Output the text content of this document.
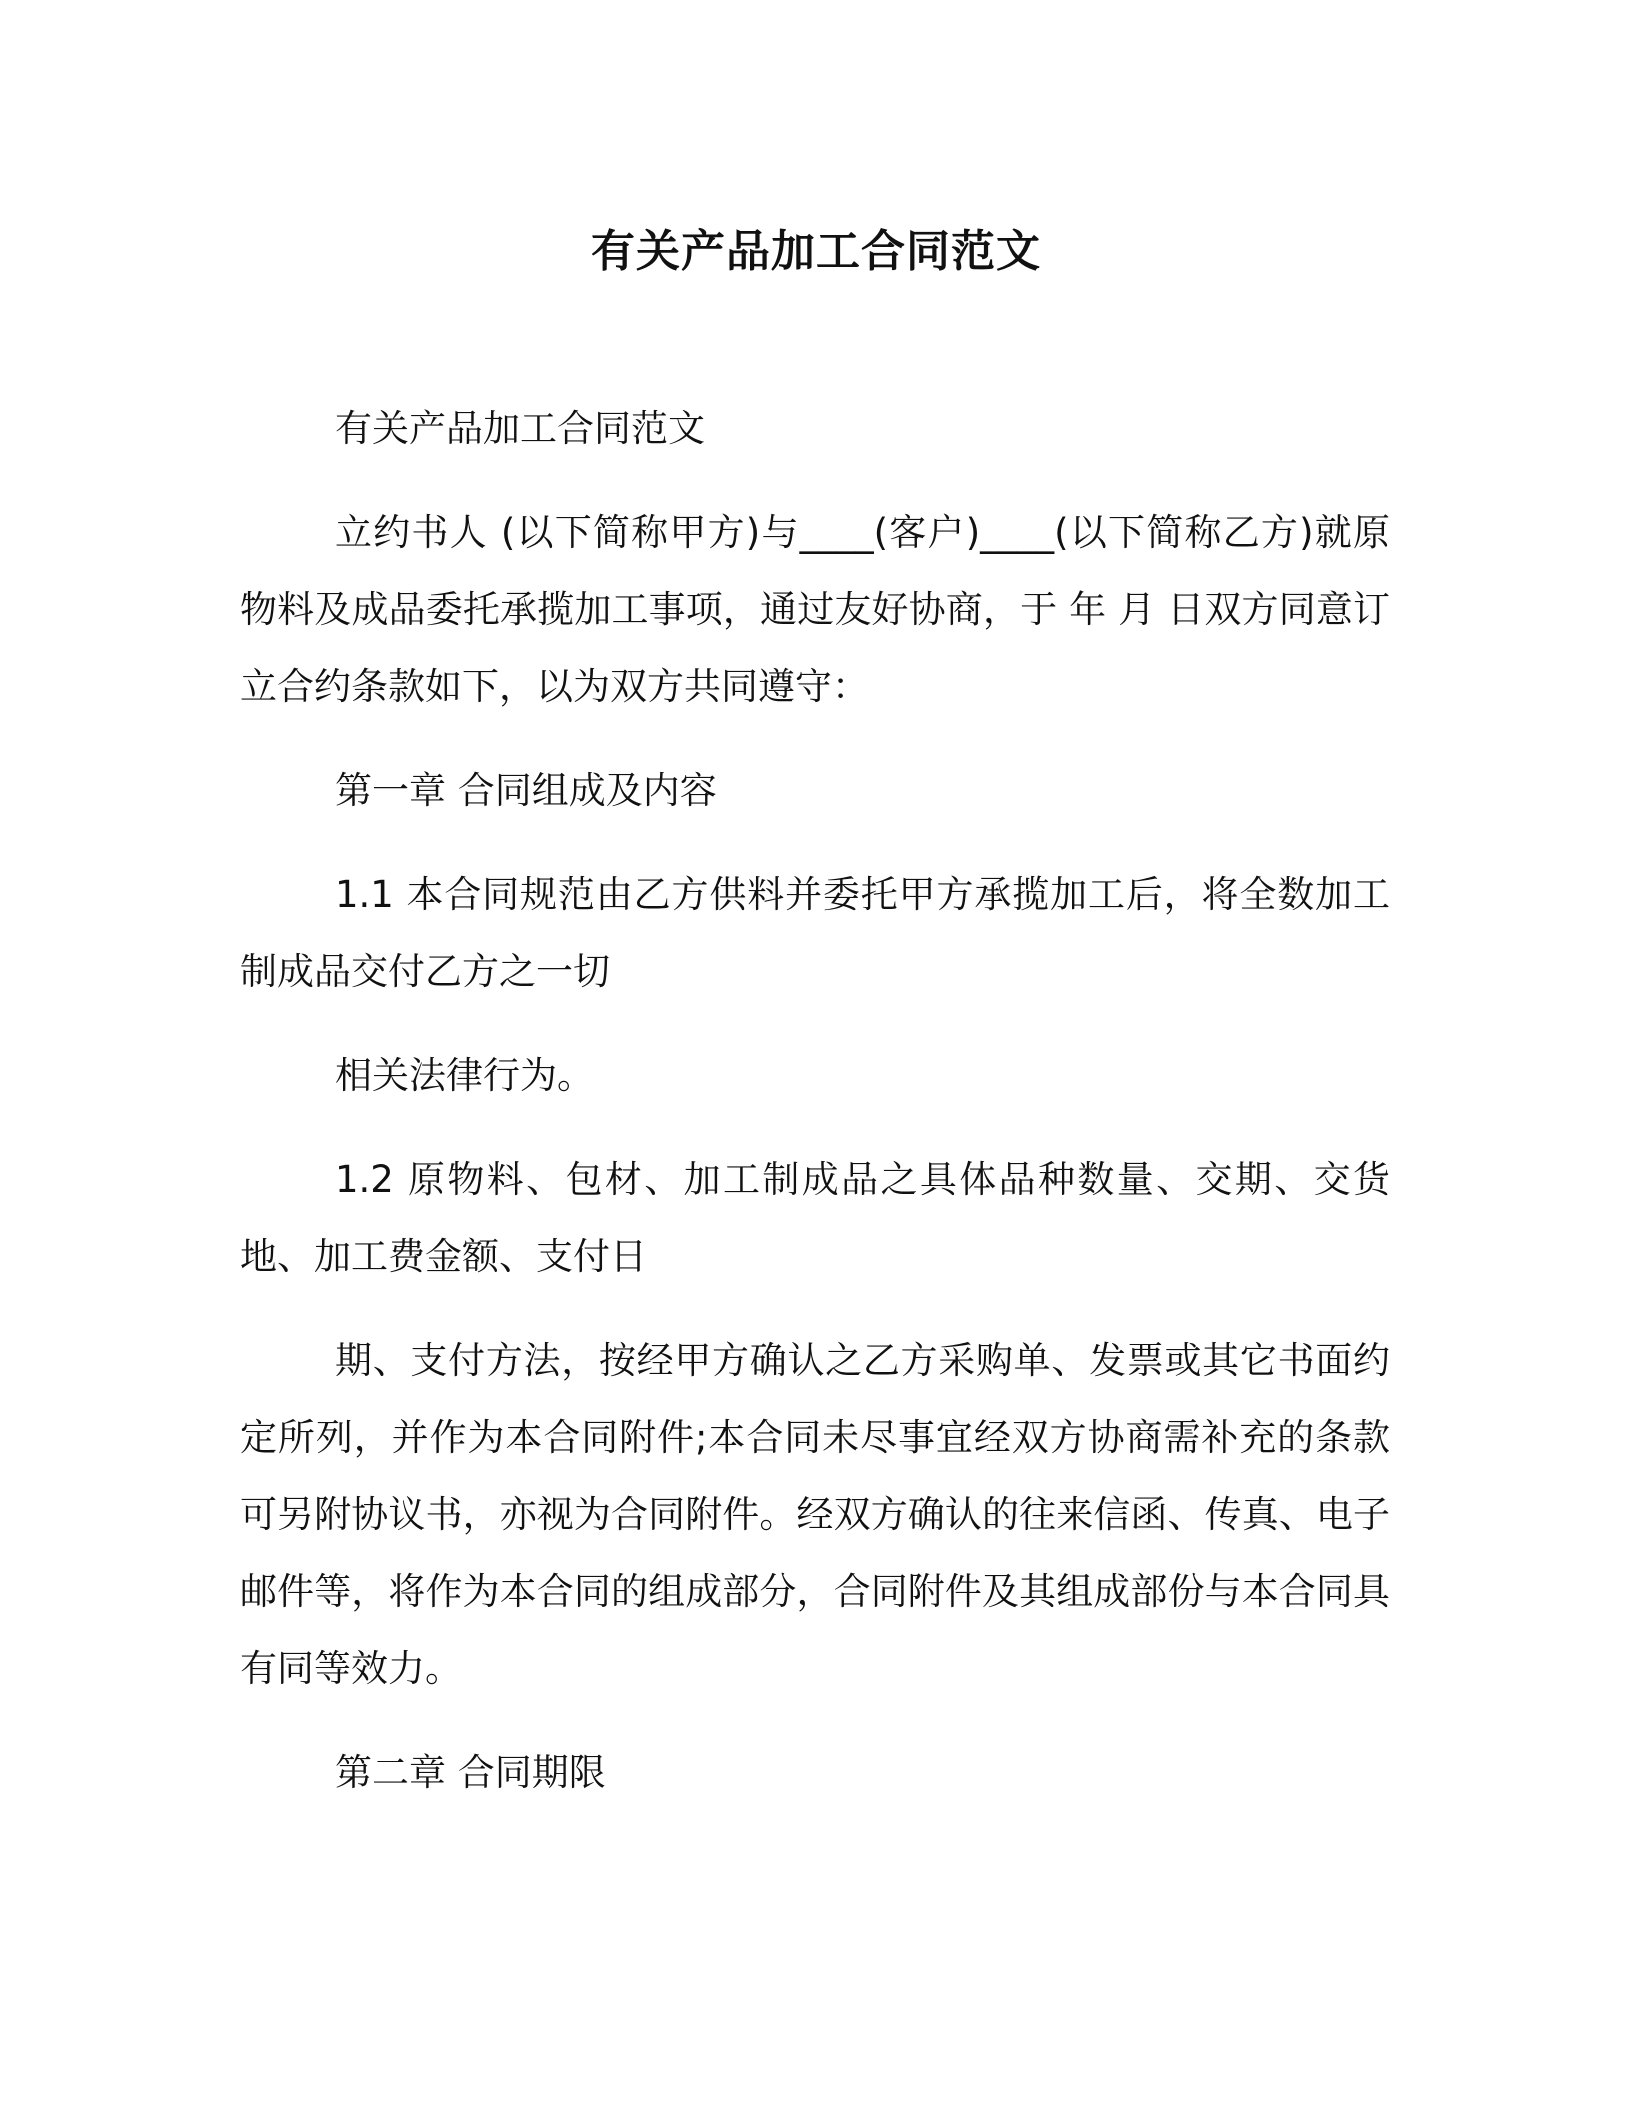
有关产品加工合同范文

有关产品加工合同范文

立约书人 (以下简称甲方)与____(客户)____(以下简称乙方)就原物料及成品委托承揽加工事项，通过友好协商，于 年 月 日双方同意订立合约条款如下，以为双方共同遵守：

第一章 合同组成及内容

1.1 本合同规范由乙方供料并委托甲方承揽加工后，将全数加工制成品交付乙方之一切

相关法律行为。

1.2 原物料、包材、加工制成品之具体品种数量、交期、交货地、加工费金额、支付日

期、支付方法，按经甲方确认之乙方采购单、发票或其它书面约定所列，并作为本合同附件;本合同未尽事宜经双方协商需补充的条款可另附协议书，亦视为合同附件。经双方确认的往来信函、传真、电子邮件等，将作为本合同的组成部分，合同附件及其组成部份与本合同具有同等效力。

第二章 合同期限
